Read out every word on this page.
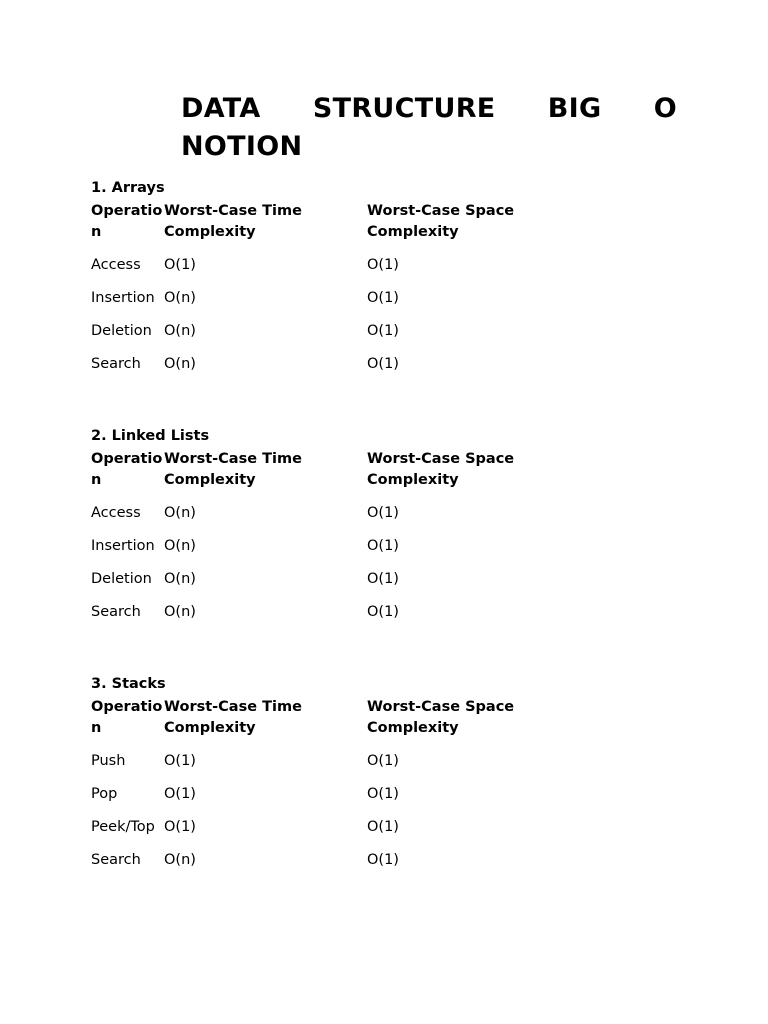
DATA STRUCTURE BIG O
NOTION
1. Arrays
Operation	Worst-Case Time Complexity	Worst-Case Space Complexity
Access	O(1)	O(1)
Insertion	O(n)	O(1)
Deletion	O(n)	O(1)
Search	O(n)	O(1)
2. Linked Lists
Operation	Worst-Case Time Complexity	Worst-Case Space Complexity
Access	O(n)	O(1)
Insertion	O(n)	O(1)
Deletion	O(n)	O(1)
Search	O(n)	O(1)
3. Stacks
Operation	Worst-Case Time Complexity	Worst-Case Space Complexity
Push	O(1)	O(1)
Pop	O(1)	O(1)
Peek/Top	O(1)	O(1)
Search	O(n)	O(1)
